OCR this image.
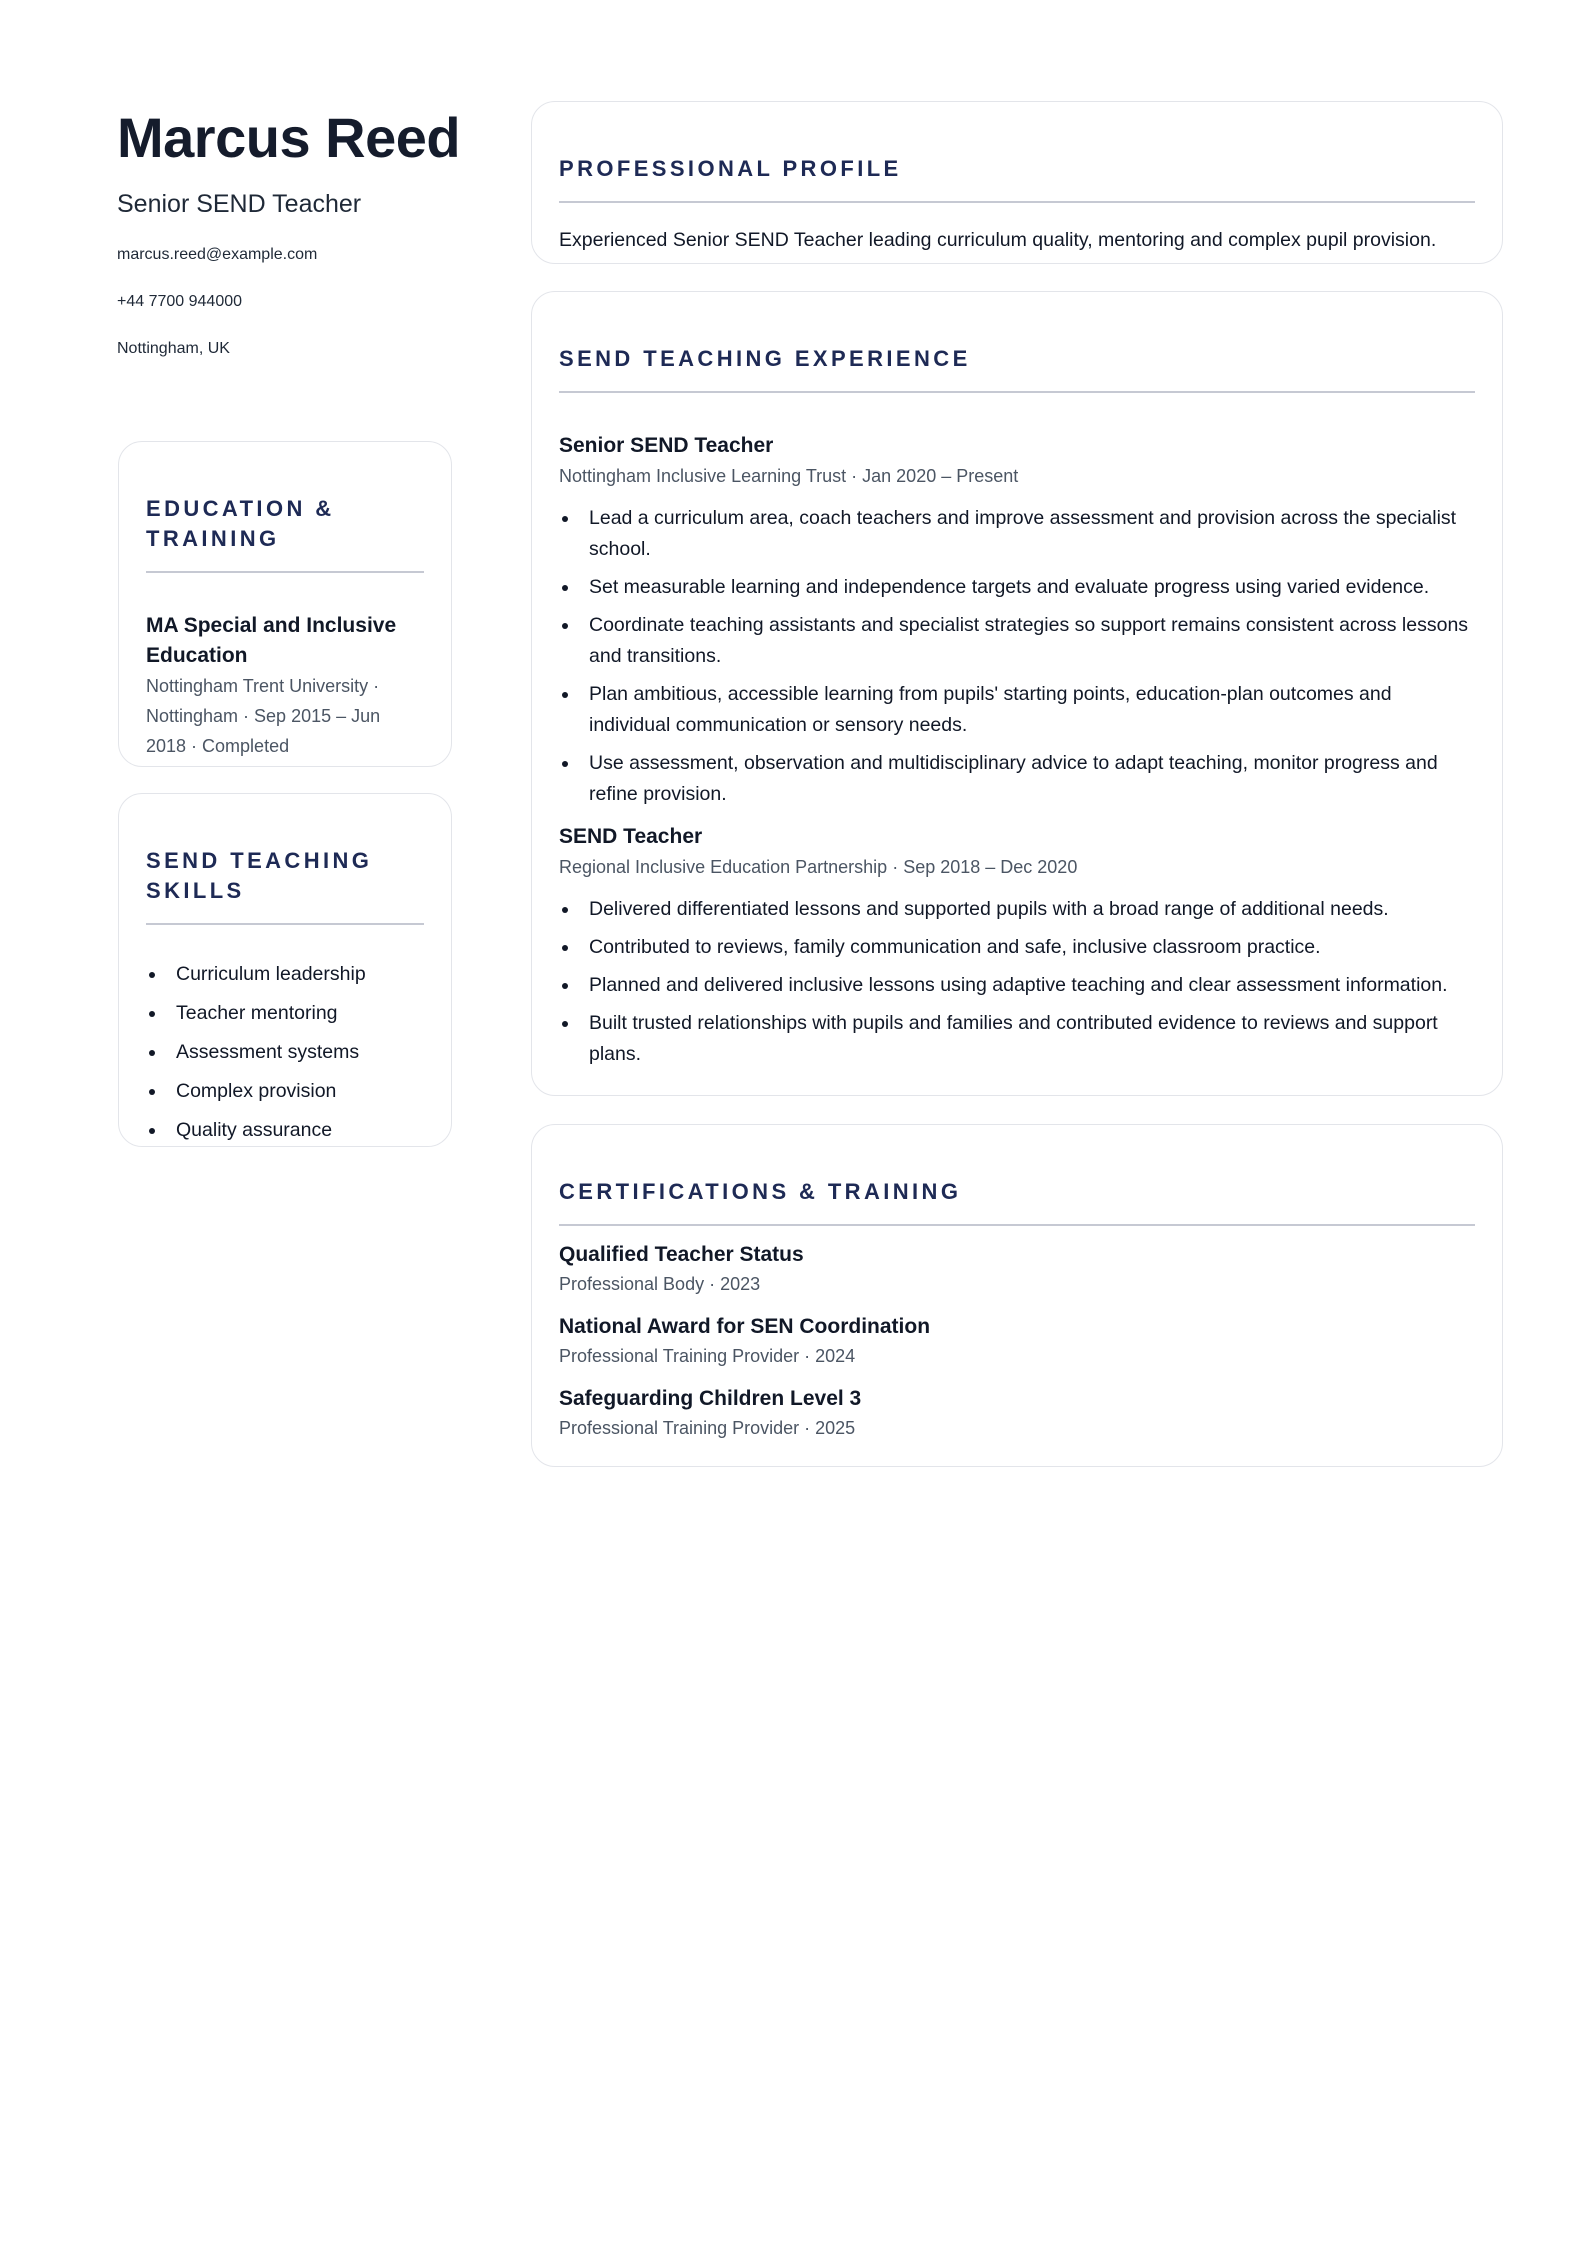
Marcus Reed
Senior SEND Teacher
marcus.reed@example.com
+44 7700 944000
Nottingham, UK
EDUCATION & TRAINING
MA Special and Inclusive Education
Nottingham Trent University · Nottingham · Sep 2015 – Jun 2018 · Completed
SEND TEACHING SKILLS
Curriculum leadership
Teacher mentoring
Assessment systems
Complex provision
Quality assurance
PROFESSIONAL PROFILE

Experienced Senior SEND Teacher leading curriculum quality, mentoring and complex pupil provision.

SEND TEACHING EXPERIENCE
Senior SEND Teacher
Nottingham Inclusive Learning Trust · Jan 2020 – Present
Lead a curriculum area, coach teachers and improve assessment and provision across the specialist school.
Set measurable learning and independence targets and evaluate progress using varied evidence.
Coordinate teaching assistants and specialist strategies so support remains consistent across lessons and transitions.
Plan ambitious, accessible learning from pupils' starting points, education-plan outcomes and individual communication or sensory needs.
Use assessment, observation and multidisciplinary advice to adapt teaching, monitor progress and refine provision.
SEND Teacher
Regional Inclusive Education Partnership · Sep 2018 – Dec 2020
Delivered differentiated lessons and supported pupils with a broad range of additional needs.
Contributed to reviews, family communication and safe, inclusive classroom practice.
Planned and delivered inclusive lessons using adaptive teaching and clear assessment information.
Built trusted relationships with pupils and families and contributed evidence to reviews and support plans.
CERTIFICATIONS & TRAINING
Qualified Teacher Status
Professional Body · 2023
National Award for SEN Coordination
Professional Training Provider · 2024
Safeguarding Children Level 3
Professional Training Provider · 2025
